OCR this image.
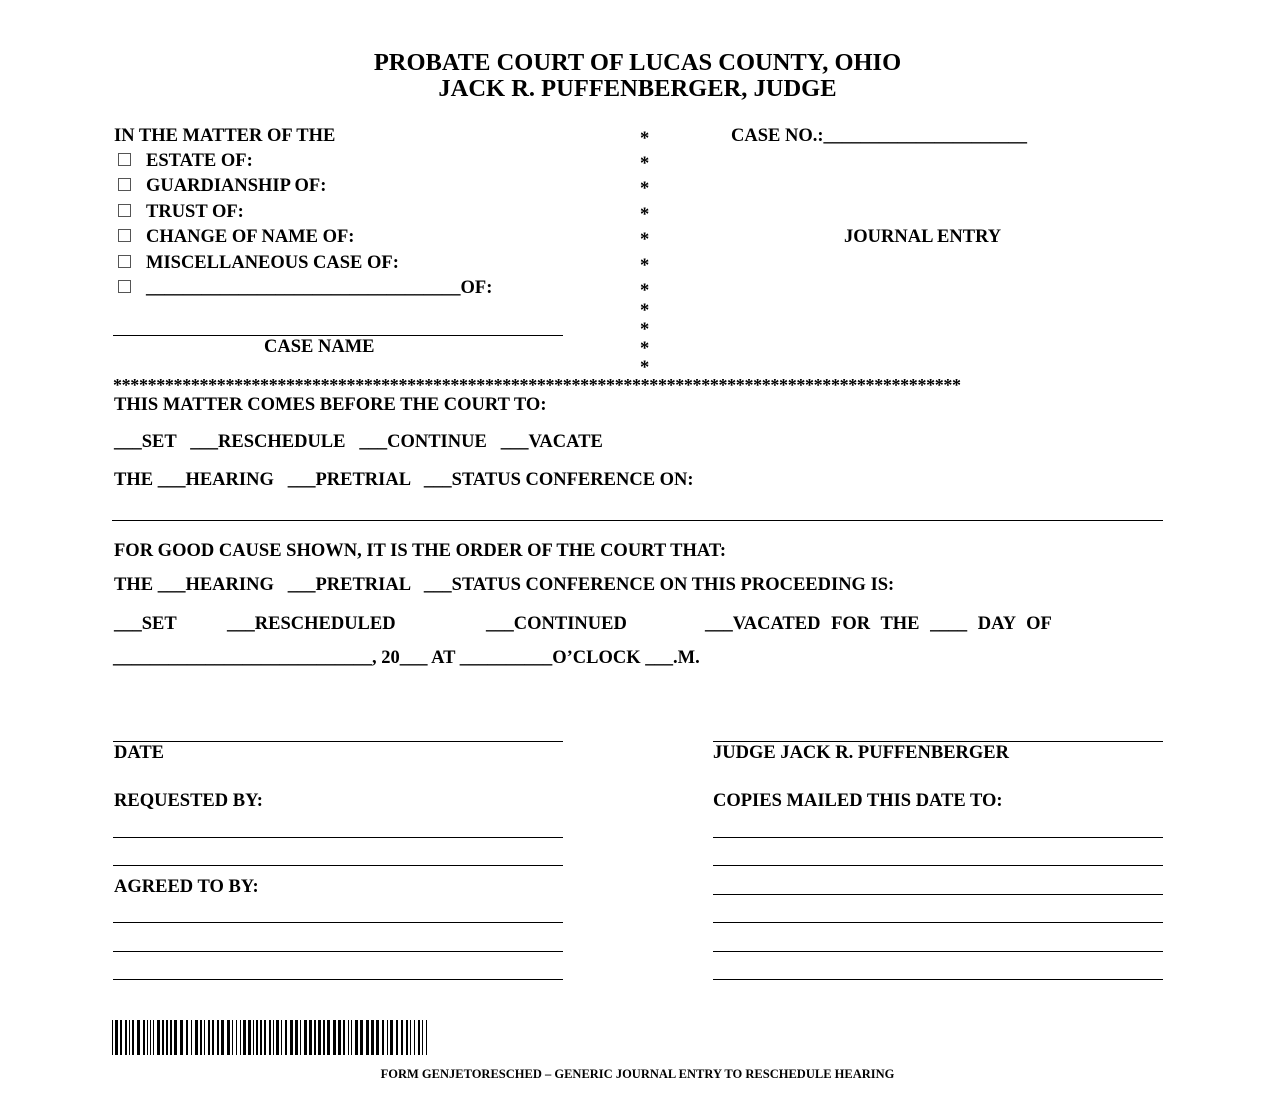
PROBATE COURT OF LUCAS COUNTY, OHIO
JACK R. PUFFENBERGER, JUDGE
IN THE MATTER OF THE
ESTATE OF:
GUARDIANSHIP OF:
TRUST OF:
CHANGE OF NAME OF:
MISCELLANEOUS CASE OF:
__________________________________OF:
CASE NAME
*
*
*
*
*
*
*
*
*
*
*
CASE NO.:______________________
JOURNAL ENTRY
**************************************************************************************************
THIS MATTER COMES BEFORE THE COURT TO:
___SET   ___RESCHEDULE   ___CONTINUE   ___VACATE
THE ___HEARING   ___PRETRIAL   ___STATUS CONFERENCE ON:
FOR GOOD CAUSE SHOWN, IT IS THE ORDER OF THE COURT THAT:
THE ___HEARING   ___PRETRIAL   ___STATUS CONFERENCE ON THIS PROCEEDING IS:
___SET	___RESCHEDULED	___CONTINUED	___VACATED FOR THE ____ DAY OF
____________________________, 20___ AT __________O’CLOCK ___.M.
DATE	JUDGE JACK R. PUFFENBERGER
REQUESTED BY:	COPIES MAILED THIS DATE TO:
AGREED TO BY:
FORM GENJETORESCHED – GENERIC JOURNAL ENTRY TO RESCHEDULE HEARING
